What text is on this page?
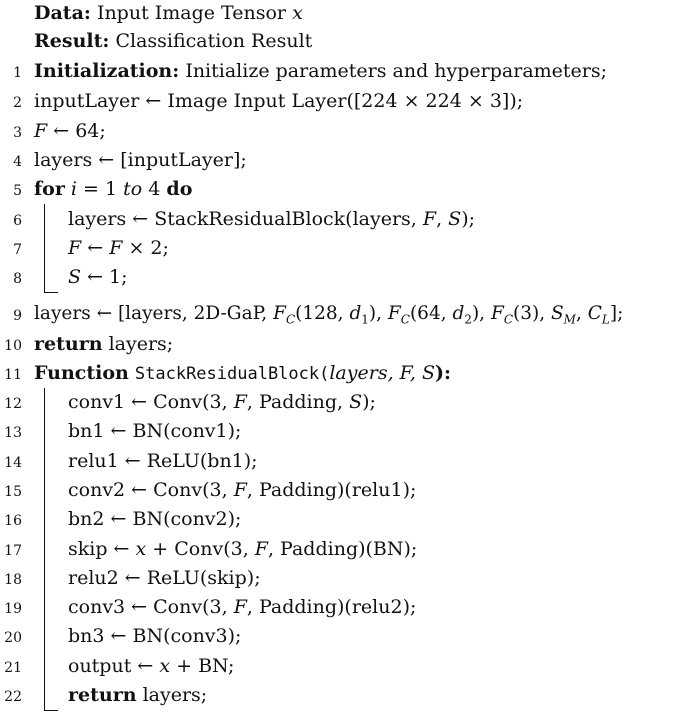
Data: Input Image Tensor x
Result: Classification Result
1 Initialization: Initialize parameters and hyperparameters;
2 inputLayer ← Image Input Layer([224 × 224 × 3]);
3 F ← 64;
4 layers ← [inputLayer];
5 for i = 1 to 4 do
6 layers ← StackResidualBlock(layers, F, S);
7 F ← F × 2;
8 S ← 1;
9 layers ← [layers, 2D-GaP, $F_C(128$, $d_1$), $F_C(64$, $d_2$), $F_C(3)$, $S_M$, $C_L$];
10 return layers;
11 Function StackResidualBlock(layers, F, S):
12 conv1 ← Conv(3, F, Padding, S);
13 bn1 ← BN(conv1);
14 relu1 ← ReLU(bn1);
15 conv2 ← Conv(3, F, Padding)(relu1);
16 bn2 ← BN(conv2);
17 skip ← x + Conv(3, F, Padding)(BN);
18 relu2 ← ReLU(skip);
19 conv3 ← Conv(3, F, Padding)(relu2);
20 bn3 ← BN(conv3);
21 output ← x + BN;
22 return layers;
